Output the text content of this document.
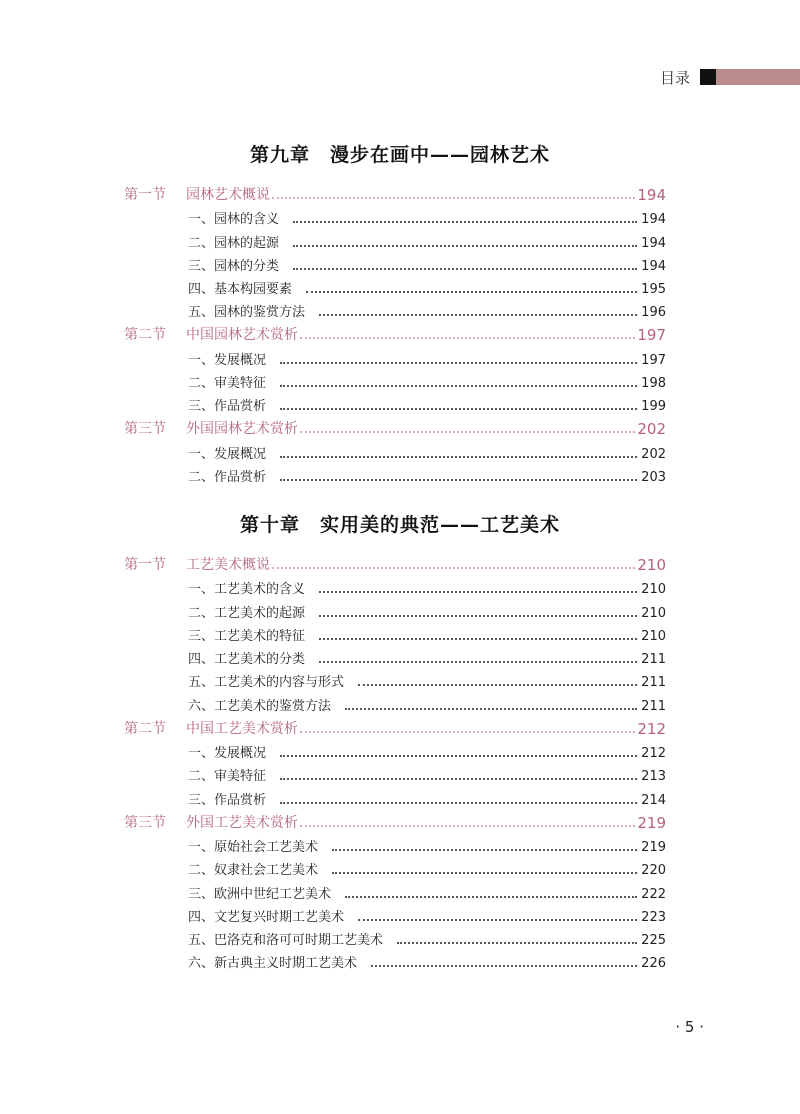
目录
第九章　漫步在画中——园林艺术
第一节	园林艺术概说	194
一、园林的含义	194
二、园林的起源	194
三、园林的分类	194
四、基本构园要素	195
五、园林的鉴赏方法	196
第二节	中国园林艺术赏析	197
一、发展概况	197
二、审美特征	198
三、作品赏析	199
第三节	外国园林艺术赏析	202
一、发展概况	202
二、作品赏析	203
第十章　实用美的典范——工艺美术
第一节	工艺美术概说	210
一、工艺美术的含义	210
二、工艺美术的起源	210
三、工艺美术的特征	210
四、工艺美术的分类	211
五、工艺美术的内容与形式	211
六、工艺美术的鉴赏方法	211
第二节	中国工艺美术赏析	212
一、发展概况	212
二、审美特征	213
三、作品赏析	214
第三节	外国工艺美术赏析	219
一、原始社会工艺美术	219
二、奴隶社会工艺美术	220
三、欧洲中世纪工艺美术	222
四、文艺复兴时期工艺美术	223
五、巴洛克和洛可可时期工艺美术	225
六、新古典主义时期工艺美术	226
· 5 ·
